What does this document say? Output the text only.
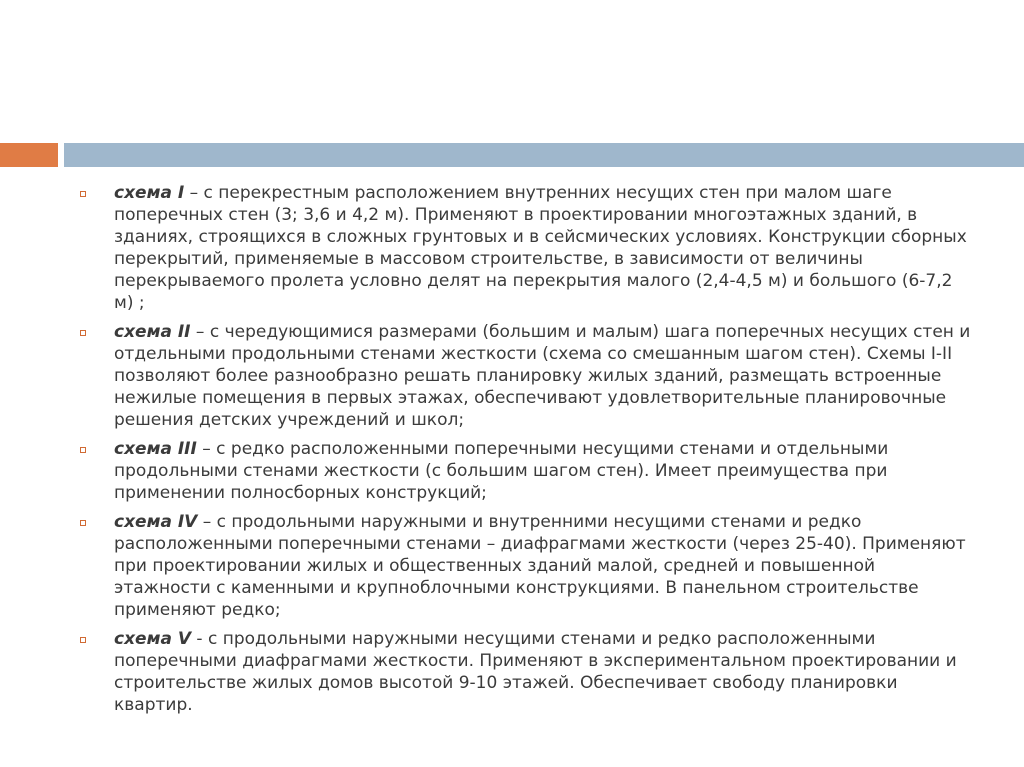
схема I – с перекрестным расположением внутренних несущих стен при малом шаге поперечных стен (3; 3,6 и 4,2 м). Применяют в проектировании многоэтажных зданий, в зданиях, строящихся в сложных грунтовых и в сейсмических условиях. Конструкции сборных перекрытий, применяемые в массовом строительстве, в зависимости от величины перекрываемого пролета условно делят на перекрытия малого (2,4-4,5 м) и большого (6-7,2 м) ;
схема II – с чередующимися размерами (большим и малым) шага поперечных несущих стен и отдельными продольными стенами жесткости (схема со смешанным шагом стен). Схемы I-II позволяют более разнообразно решать планировку жилых зданий, размещать встроенные нежилые помещения в первых этажах, обеспечивают удовлетворительные планировочные решения детских учреждений и школ;
схема III – с редко расположенными поперечными несущими стенами и отдельными продольными стенами жесткости (с большим шагом стен). Имеет преимущества при применении полносборных конструкций;
схема IV – с продольными наружными и внутренними несущими стенами и редко расположенными поперечными стенами – диафрагмами жесткости (через 25-40). Применяют при проектировании жилых и общественных зданий малой, средней и повышенной этажности с каменными и крупноблочными конструкциями. В панельном строительстве применяют редко;
схема V - с продольными наружными несущими стенами и редко расположенными поперечными диафрагмами жесткости. Применяют в экспериментальном проектировании и строительстве жилых домов высотой 9-10 этажей. Обеспечивает свободу планировки квартир.
